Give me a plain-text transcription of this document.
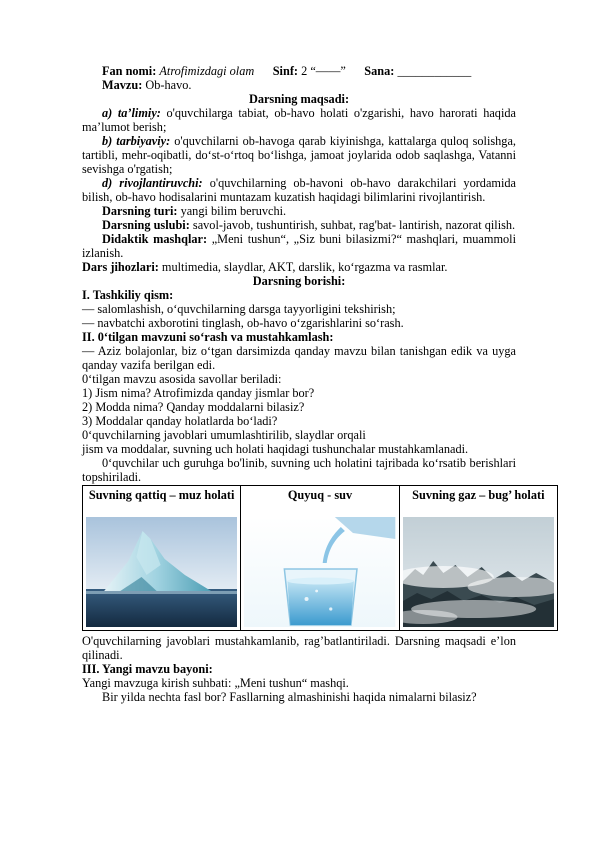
Fan nomi: Atrofimizdagi olam Sinf: 2 “——” Sana: ____________

Mavzu: Ob-havo.

Darsning maqsadi:

a) ta’limiy: o'quvchilarga tabiat, ob-havo holati o'zgarishi, havo harorati haqida ma’lumot berish;

b) tarbiyaviy: o'quvchilarni ob-havoga qarab kiyinishga, kattalarga quloq solishga, tartibli, mehr-oqibatli, do‘st-o‘rtoq bo‘lishga, jamoat joylarida odob saqlashga, Vatanni sevishga o'rgatish;

d) rivojlantiruvchi: o'quvchilarning ob-havoni ob-havo darakchilari yordamida bilish, ob-havo hodisalarini muntazam kuzatish haqidagi bilimlarini rivojlantirish.

Darsning turi: yangi bilim beruvchi.

Darsning uslubi: savol-javob, tushuntirish, suhbat, rag'bat- lantirish, nazorat qilish.

Didaktik mashqlar: „Meni tushun“, „Siz buni bilasizmi?“ mashqlari, muammoli izlanish.

Dars jihozlari: multimedia, slaydlar, AKT, darslik, ko‘rgazma va rasmlar.

Darsning borishi:

I. Tashkiliy qism:

— salomlashish, o‘quvchilarning darsga tayyorligini tekshirish;

— navbatchi axborotini tinglash, ob-havo o‘zgarishlarini so‘rash.

II. 0‘tilgan mavzuni so‘rash va mustahkamlash:

— Aziz bolajonlar, biz o‘tgan darsimizda qanday mavzu bilan tanishgan edik va uyga qanday vazifa berilgan edi.

0‘tilgan mavzu asosida savollar beriladi:

1) Jism nima? Atrofimizda qanday jismlar bor?

2) Modda nima? Qanday moddalarni bilasiz?

3) Moddalar qanday holatlarda bo‘ladi?

0‘quvchilarning javoblari umumlashtirilib, slaydlar orqali

jism va moddalar, suvning uch holati haqidagi tushunchalar mustahkamlanadi.

0‘quvchilar uch guruhga bo'linib, suvning uch holatini tajribada ko‘rsatib berishlari topshiriladi.

Suvning qattiq – muz holati	Quyuq - suv	Suvning gaz – bug’ holati

O'quvchilarning javoblari mustahkamlanib, rag’batlantiriladi. Darsning maqsadi e’lon qilinadi.

III. Yangi mavzu bayoni:

Yangi mavzuga kirish suhbati: „Meni tushun“ mashqi.

Bir yilda nechta fasl bor? Fasllarning almashinishi haqida nimalarni bilasiz?
